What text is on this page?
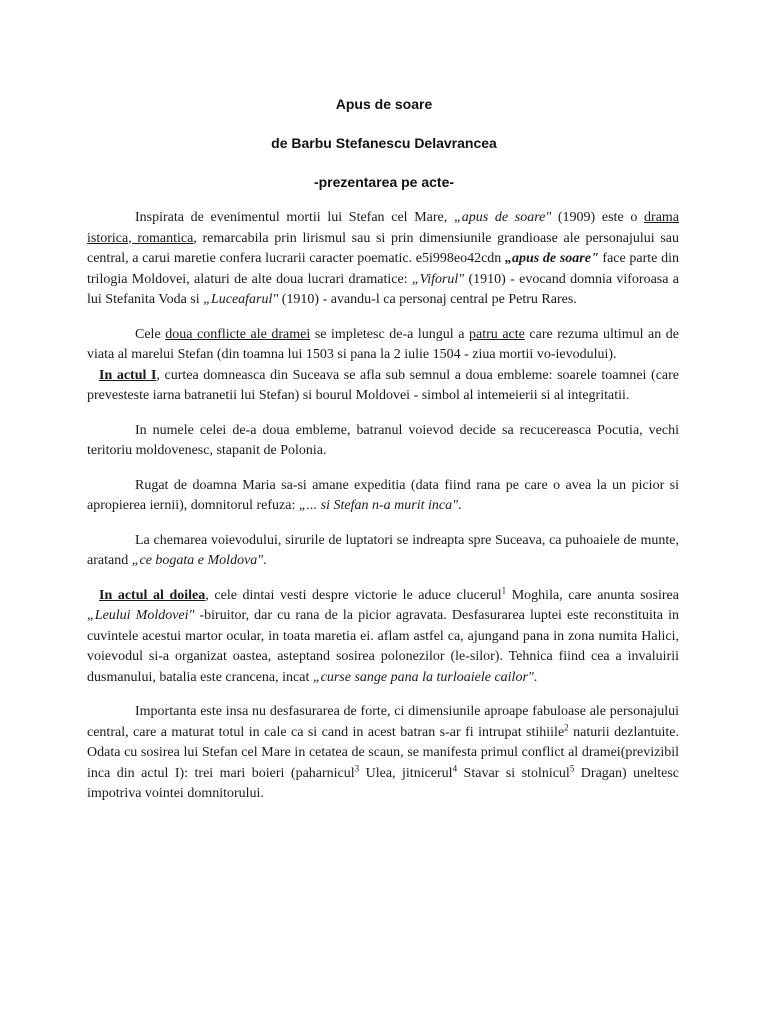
Apus de soare
de Barbu Stefanescu Delavrancea
-prezentarea pe acte-

Inspirata de evenimentul mortii lui Stefan cel Mare, „apus de soare" (1909) este o drama istorica, romantica, remarcabila prin lirismul sau si prin dimensiunile grandioase ale personajului sau central, a carui maretie confera lucrarii caracter poematic. e5i998eo42cdn „apus de soare" face parte din trilogia Moldovei, alaturi de alte doua lucrari dramatice: „Viforul" (1910) - evocand domnia viforoasa a lui Stefanita Voda si „Luceafarul" (1910) - avandu-l ca personaj central pe Petru Rares.

Cele doua conflicte ale dramei se impletesc de-a lungul a patru acte care rezuma ultimul an de viata al marelui Stefan (din toamna lui 1503 si pana la 2 iulie 1504 - ziua mortii vo-ievodului).

In actul I, curtea domneasca din Suceava se afla sub semnul a doua embleme: soarele toamnei (care prevesteste iarna batranetii lui Stefan) si bourul Moldovei - simbol al intemeierii si al integritatii.

In numele celei de-a doua embleme, batranul voievod decide sa recucereasca Pocutia, vechi teritoriu moldovenesc, stapanit de Polonia.

Rugat de doamna Maria sa-si amane expeditia (data fiind rana pe care o avea la un picior si apropierea iernii), domnitorul refuza: „... si Stefan n-a murit inca".

La chemarea voievodului, sirurile de luptatori se indreapta spre Suceava, ca puhoaiele de munte, aratand „ce bogata e Moldova".

In actul al doilea, cele dintai vesti despre victorie le aduce clucerul$^1$ Moghila, care anunta sosirea „Leului Moldovei" -biruitor, dar cu rana de la picior agravata. Desfasurarea luptei este reconstituita in cuvintele acestui martor ocular, in toata maretia ei. aflam astfel ca, ajungand pana in zona numita Halici, voievodul si-a organizat oastea, asteptand sosirea polonezilor (le-silor). Tehnica fiind cea a invaluirii dusmanului, batalia este crancena, incat „curse sange pana la turloaiele cailor".

Importanta este insa nu desfasurarea de forte, ci dimensiunile aproape fabuloase ale personajului central, care a maturat totul in cale ca si cand in acest batran s-ar fi intrupat stihiile$^2$ naturii dezlantuite. Odata cu sosirea lui Stefan cel Mare in cetatea de scaun, se manifesta primul conflict al dramei(previzibil inca din actul I): trei mari boieri (paharnicul$^3$ Ulea, jitnicerul$^4$ Stavar si stolnicul$^5$ Dragan) uneltesc impotriva vointei domnitorului.
